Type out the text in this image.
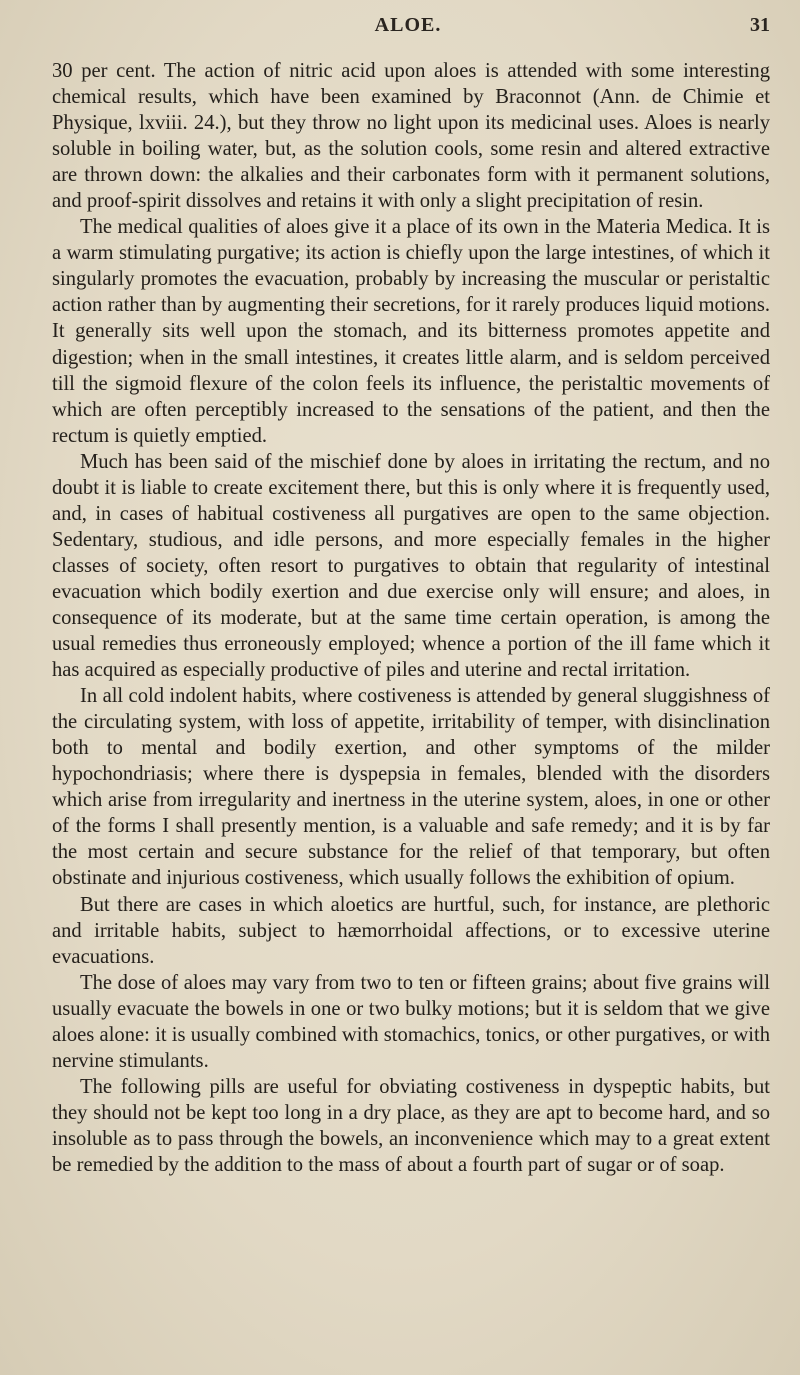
ALOE.	31

30 per cent. The action of nitric acid upon aloes is attended with some interesting chemical results, which have been examined by Braconnot (Ann. de Chimie et Physique, lxviii. 24.), but they throw no light upon its medicinal uses. Aloes is nearly soluble in boiling water, but, as the solution cools, some resin and altered extractive are thrown down: the alkalies and their carbonates form with it permanent solutions, and proof-spirit dissolves and retains it with only a slight precipitation of resin.

The medical qualities of aloes give it a place of its own in the Materia Medica. It is a warm stimulating purgative; its action is chiefly upon the large intestines, of which it singularly promotes the evacuation, probably by increasing the muscular or peristaltic action rather than by augmenting their secretions, for it rarely produces liquid motions. It generally sits well upon the stomach, and its bitterness promotes appetite and digestion; when in the small intestines, it creates little alarm, and is seldom perceived till the sigmoid flexure of the colon feels its influence, the peristaltic movements of which are often perceptibly increased to the sensations of the patient, and then the rectum is quietly emptied.

Much has been said of the mischief done by aloes in irritating the rectum, and no doubt it is liable to create excitement there, but this is only where it is frequently used, and, in cases of habitual costiveness all purgatives are open to the same objection. Sedentary, studious, and idle persons, and more especially females in the higher classes of society, often resort to purgatives to obtain that regularity of intestinal evacuation which bodily exertion and due exercise only will ensure; and aloes, in consequence of its moderate, but at the same time certain operation, is among the usual remedies thus erroneously employed; whence a portion of the ill fame which it has acquired as especially productive of piles and uterine and rectal irritation.

In all cold indolent habits, where costiveness is attended by general sluggishness of the circulating system, with loss of appetite, irritability of temper, with disinclination both to mental and bodily exertion, and other symptoms of the milder hypochondriasis; where there is dyspepsia in females, blended with the disorders which arise from irregularity and inertness in the uterine system, aloes, in one or other of the forms I shall presently mention, is a valuable and safe remedy; and it is by far the most certain and secure substance for the relief of that temporary, but often obstinate and injurious costiveness, which usually follows the exhibition of opium.

But there are cases in which aloetics are hurtful, such, for instance, are plethoric and irritable habits, subject to hæmorrhoidal affections, or to excessive uterine evacuations.

The dose of aloes may vary from two to ten or fifteen grains; about five grains will usually evacuate the bowels in one or two bulky motions; but it is seldom that we give aloes alone: it is usually combined with stomachics, tonics, or other purgatives, or with nervine stimulants.

The following pills are useful for obviating costiveness in dyspeptic habits, but they should not be kept too long in a dry place, as they are apt to become hard, and so insoluble as to pass through the bowels, an inconvenience which may to a great extent be remedied by the addition to the mass of about a fourth part of sugar or of soap.
